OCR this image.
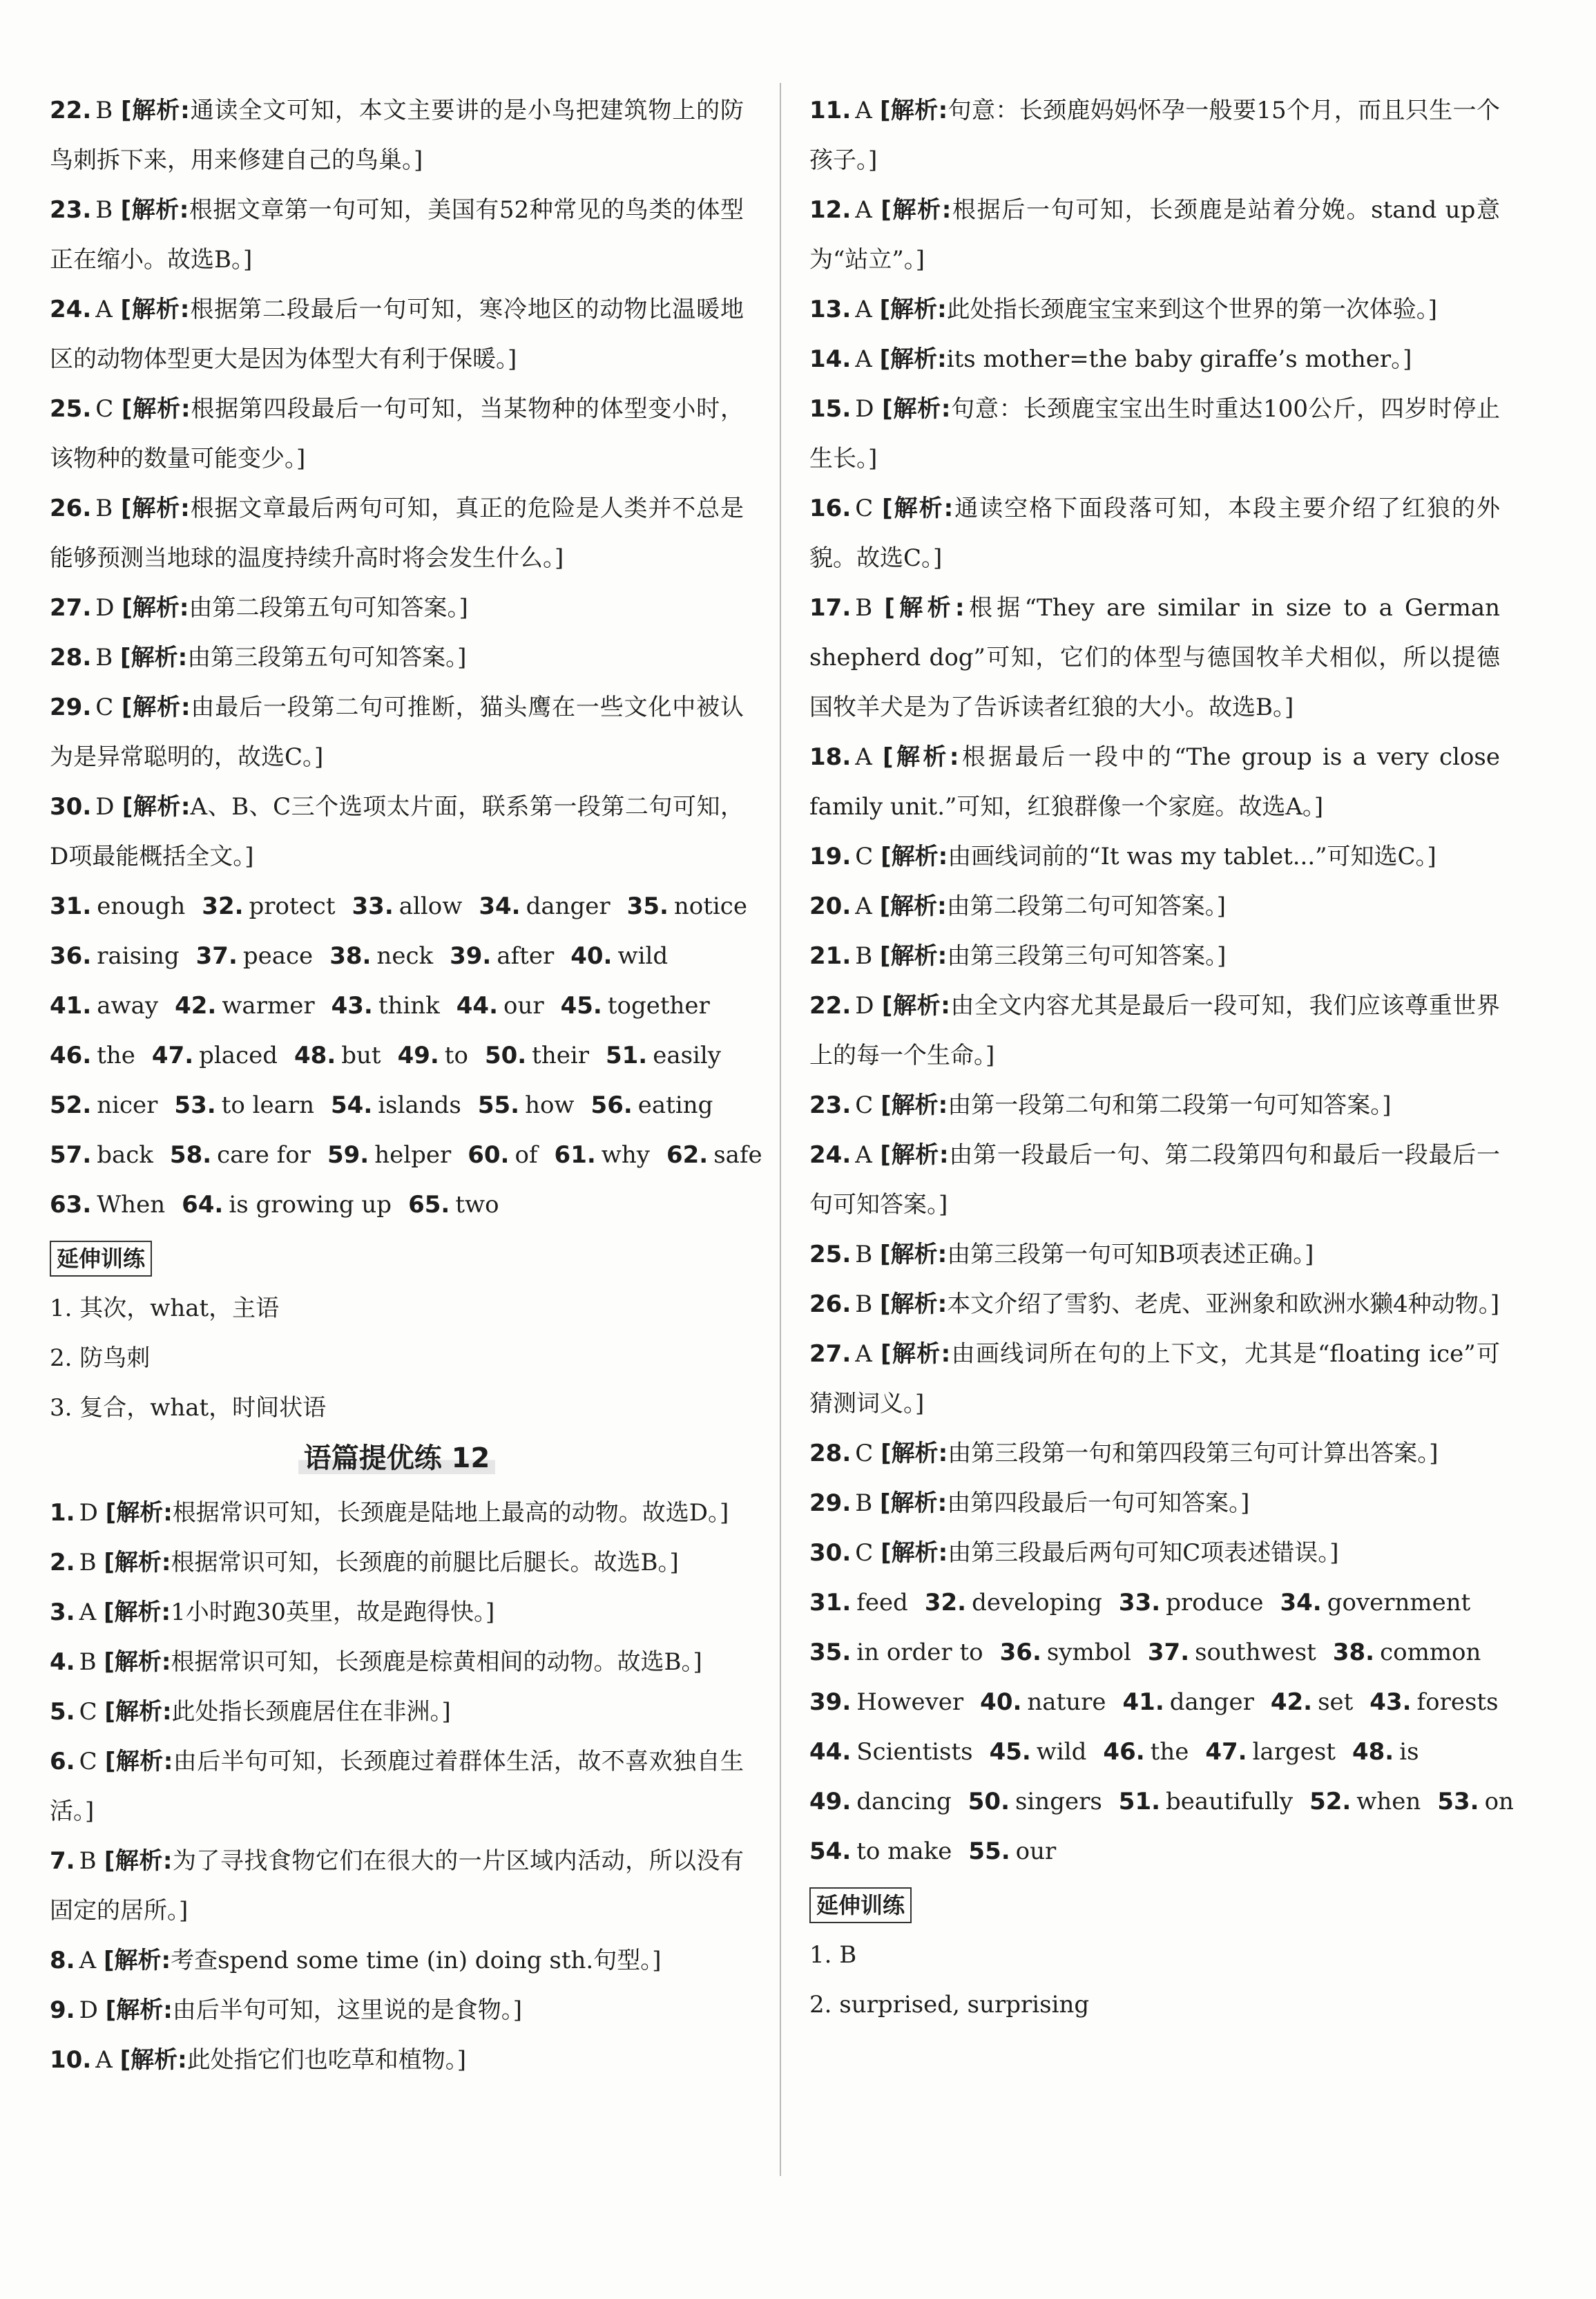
22. B [解析:通读全文可知，本文主要讲的是小鸟把建筑物上的防鸟刺拆下来，用来修建自己的鸟巢。]

23. B [解析:根据文章第一句可知，美国有52种常见的鸟类的体型正在缩小。故选B。]

24. A [解析:根据第二段最后一句可知，寒冷地区的动物比温暖地区的动物体型更大是因为体型大有利于保暖。]

25. C [解析:根据第四段最后一句可知，当某物种的体型变小时，该物种的数量可能变少。]

26. B [解析:根据文章最后两句可知，真正的危险是人类并不总是能够预测当地球的温度持续升高时将会发生什么。]

27. D [解析:由第二段第五句可知答案。]

28. B [解析:由第三段第五句可知答案。]

29. C [解析:由最后一段第二句可推断，猫头鹰在一些文化中被认为是异常聪明的，故选C。]

30. D [解析:A、B、C三个选项太片面，联系第一段第二句可知，D项最能概括全文。]

31. enough 32. protect 33. allow 34. danger 35. notice

36. raising 37. peace 38. neck 39. after 40. wild

41. away 42. warmer 43. think 44. our 45. together

46. the 47. placed 48. but 49. to 50. their 51. easily

52. nicer 53. to learn 54. islands 55. how 56. eating

57. back 58. care for 59. helper 60. of 61. why 62. safe

63. When 64. is growing up 65. two

延伸训练

1. 其次，what，主语

2. 防鸟刺

3. 复合，what，时间状语

语篇提优练 12

1. D [解析:根据常识可知，长颈鹿是陆地上最高的动物。故选D。]

2. B [解析:根据常识可知，长颈鹿的前腿比后腿长。故选B。]

3. A [解析:1小时跑30英里，故是跑得快。]

4. B [解析:根据常识可知，长颈鹿是棕黄相间的动物。故选B。]

5. C [解析:此处指长颈鹿居住在非洲。]

6. C [解析:由后半句可知，长颈鹿过着群体生活，故不喜欢独自生活。]

7. B [解析:为了寻找食物它们在很大的一片区域内活动，所以没有固定的居所。]

8. A [解析:考查spend some time (in) doing sth.句型。]

9. D [解析:由后半句可知，这里说的是食物。]

10. A [解析:此处指它们也吃草和植物。]

11. A [解析:句意：长颈鹿妈妈怀孕一般要15个月，而且只生一个孩子。]

12. A [解析:根据后一句可知，长颈鹿是站着分娩。stand up意为“站立”。]

13. A [解析:此处指长颈鹿宝宝来到这个世界的第一次体验。]

14. A [解析:its mother=the baby giraffe’s mother。]

15. D [解析:句意：长颈鹿宝宝出生时重达100公斤，四岁时停止生长。]

16. C [解析:通读空格下面段落可知，本段主要介绍了红狼的外貌。故选C。]

17. B [解析:根据“They are similar in size to a German shepherd dog”可知，它们的体型与德国牧羊犬相似，所以提德国牧羊犬是为了告诉读者红狼的大小。故选B。]

18. A [解析:根据最后一段中的“The group is a very close family unit.”可知，红狼群像一个家庭。故选A。]

19. C [解析:由画线词前的“It was my tablet...”可知选C。]

20. A [解析:由第二段第二句可知答案。]

21. B [解析:由第三段第三句可知答案。]

22. D [解析:由全文内容尤其是最后一段可知，我们应该尊重世界上的每一个生命。]

23. C [解析:由第一段第二句和第二段第一句可知答案。]

24. A [解析:由第一段最后一句、第二段第四句和最后一段最后一句可知答案。]

25. B [解析:由第三段第一句可知B项表述正确。]

26. B [解析:本文介绍了雪豹、老虎、亚洲象和欧洲水獭4种动物。]

27. A [解析:由画线词所在句的上下文，尤其是“floating ice”可猜测词义。]

28. C [解析:由第三段第一句和第四段第三句可计算出答案。]

29. B [解析:由第四段最后一句可知答案。]

30. C [解析:由第三段最后两句可知C项表述错误。]

31. feed 32. developing 33. produce 34. government

35. in order to 36. symbol 37. southwest 38. common

39. However 40. nature 41. danger 42. set 43. forests

44. Scientists 45. wild 46. the 47. largest 48. is

49. dancing 50. singers 51. beautifully 52. when 53. on

54. to make 55. our

延伸训练

1. B

2. surprised, surprising
